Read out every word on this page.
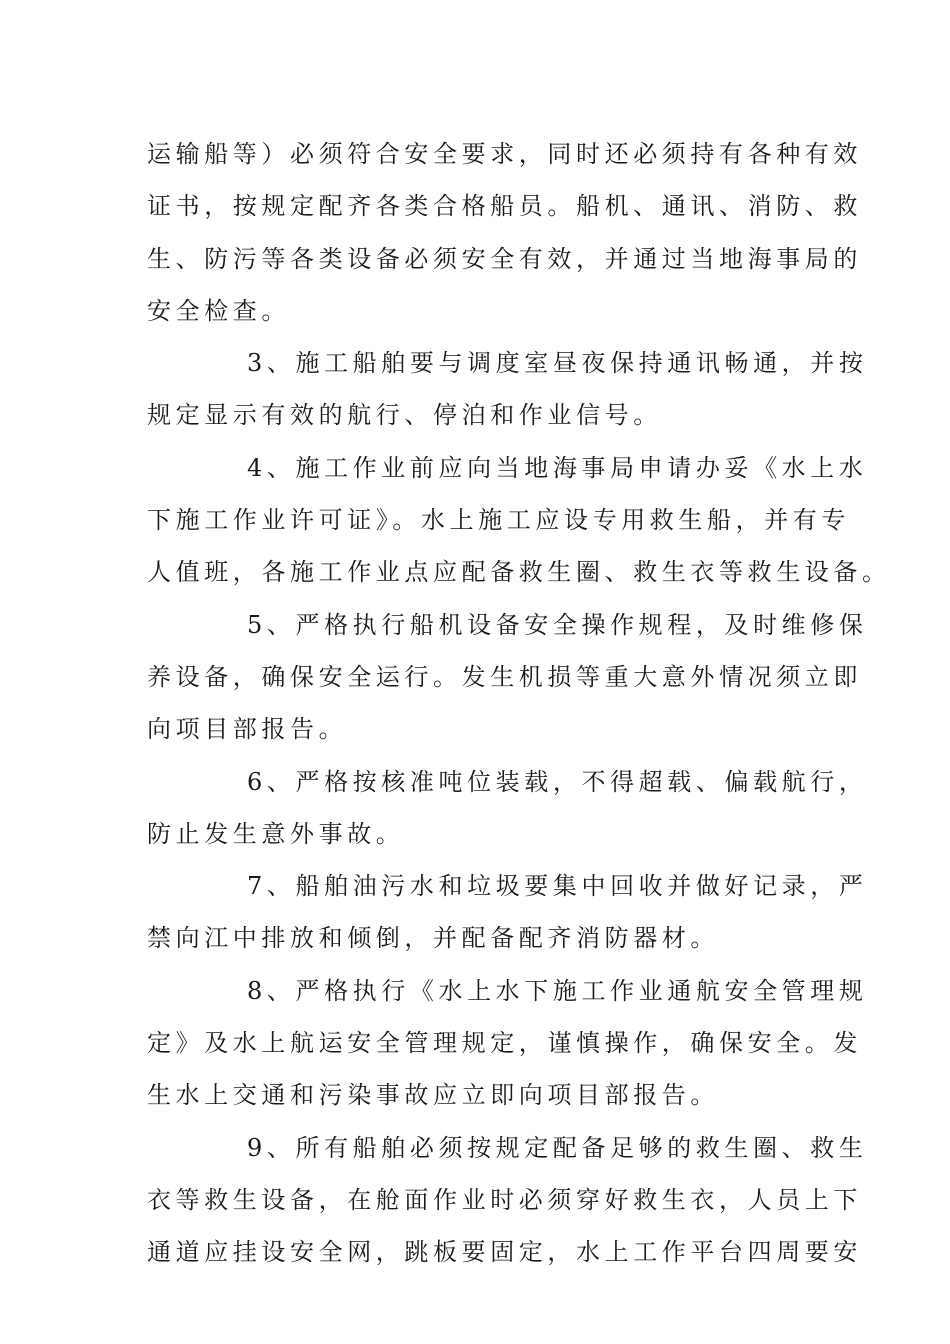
运输船等）必须符合安全要求，同时还必须持有各种有效
证书，按规定配齐各类合格船员。船机、通讯、消防、救
生、防污等各类设备必须安全有效，并通过当地海事局的
安全检查。
3、施工船舶要与调度室昼夜保持通讯畅通，并按
规定显示有效的航行、停泊和作业信号。
4、施工作业前应向当地海事局申请办妥《水上水
下施工作业许可证》。水上施工应设专用救生船，并有专
人值班，各施工作业点应配备救生圈、救生衣等救生设备。
5、严格执行船机设备安全操作规程，及时维修保
养设备，确保安全运行。发生机损等重大意外情况须立即
向项目部报告。
6、严格按核准吨位装载，不得超载、偏载航行，
防止发生意外事故。
7、船舶油污水和垃圾要集中回收并做好记录，严
禁向江中排放和倾倒，并配备配齐消防器材。
8、严格执行《水上水下施工作业通航安全管理规
定》及水上航运安全管理规定，谨慎操作，确保安全。发
生水上交通和污染事故应立即向项目部报告。
9、所有船舶必须按规定配备足够的救生圈、救生
衣等救生设备，在舱面作业时必须穿好救生衣，人员上下
通道应挂设安全网，跳板要固定，水上工作平台四周要安
